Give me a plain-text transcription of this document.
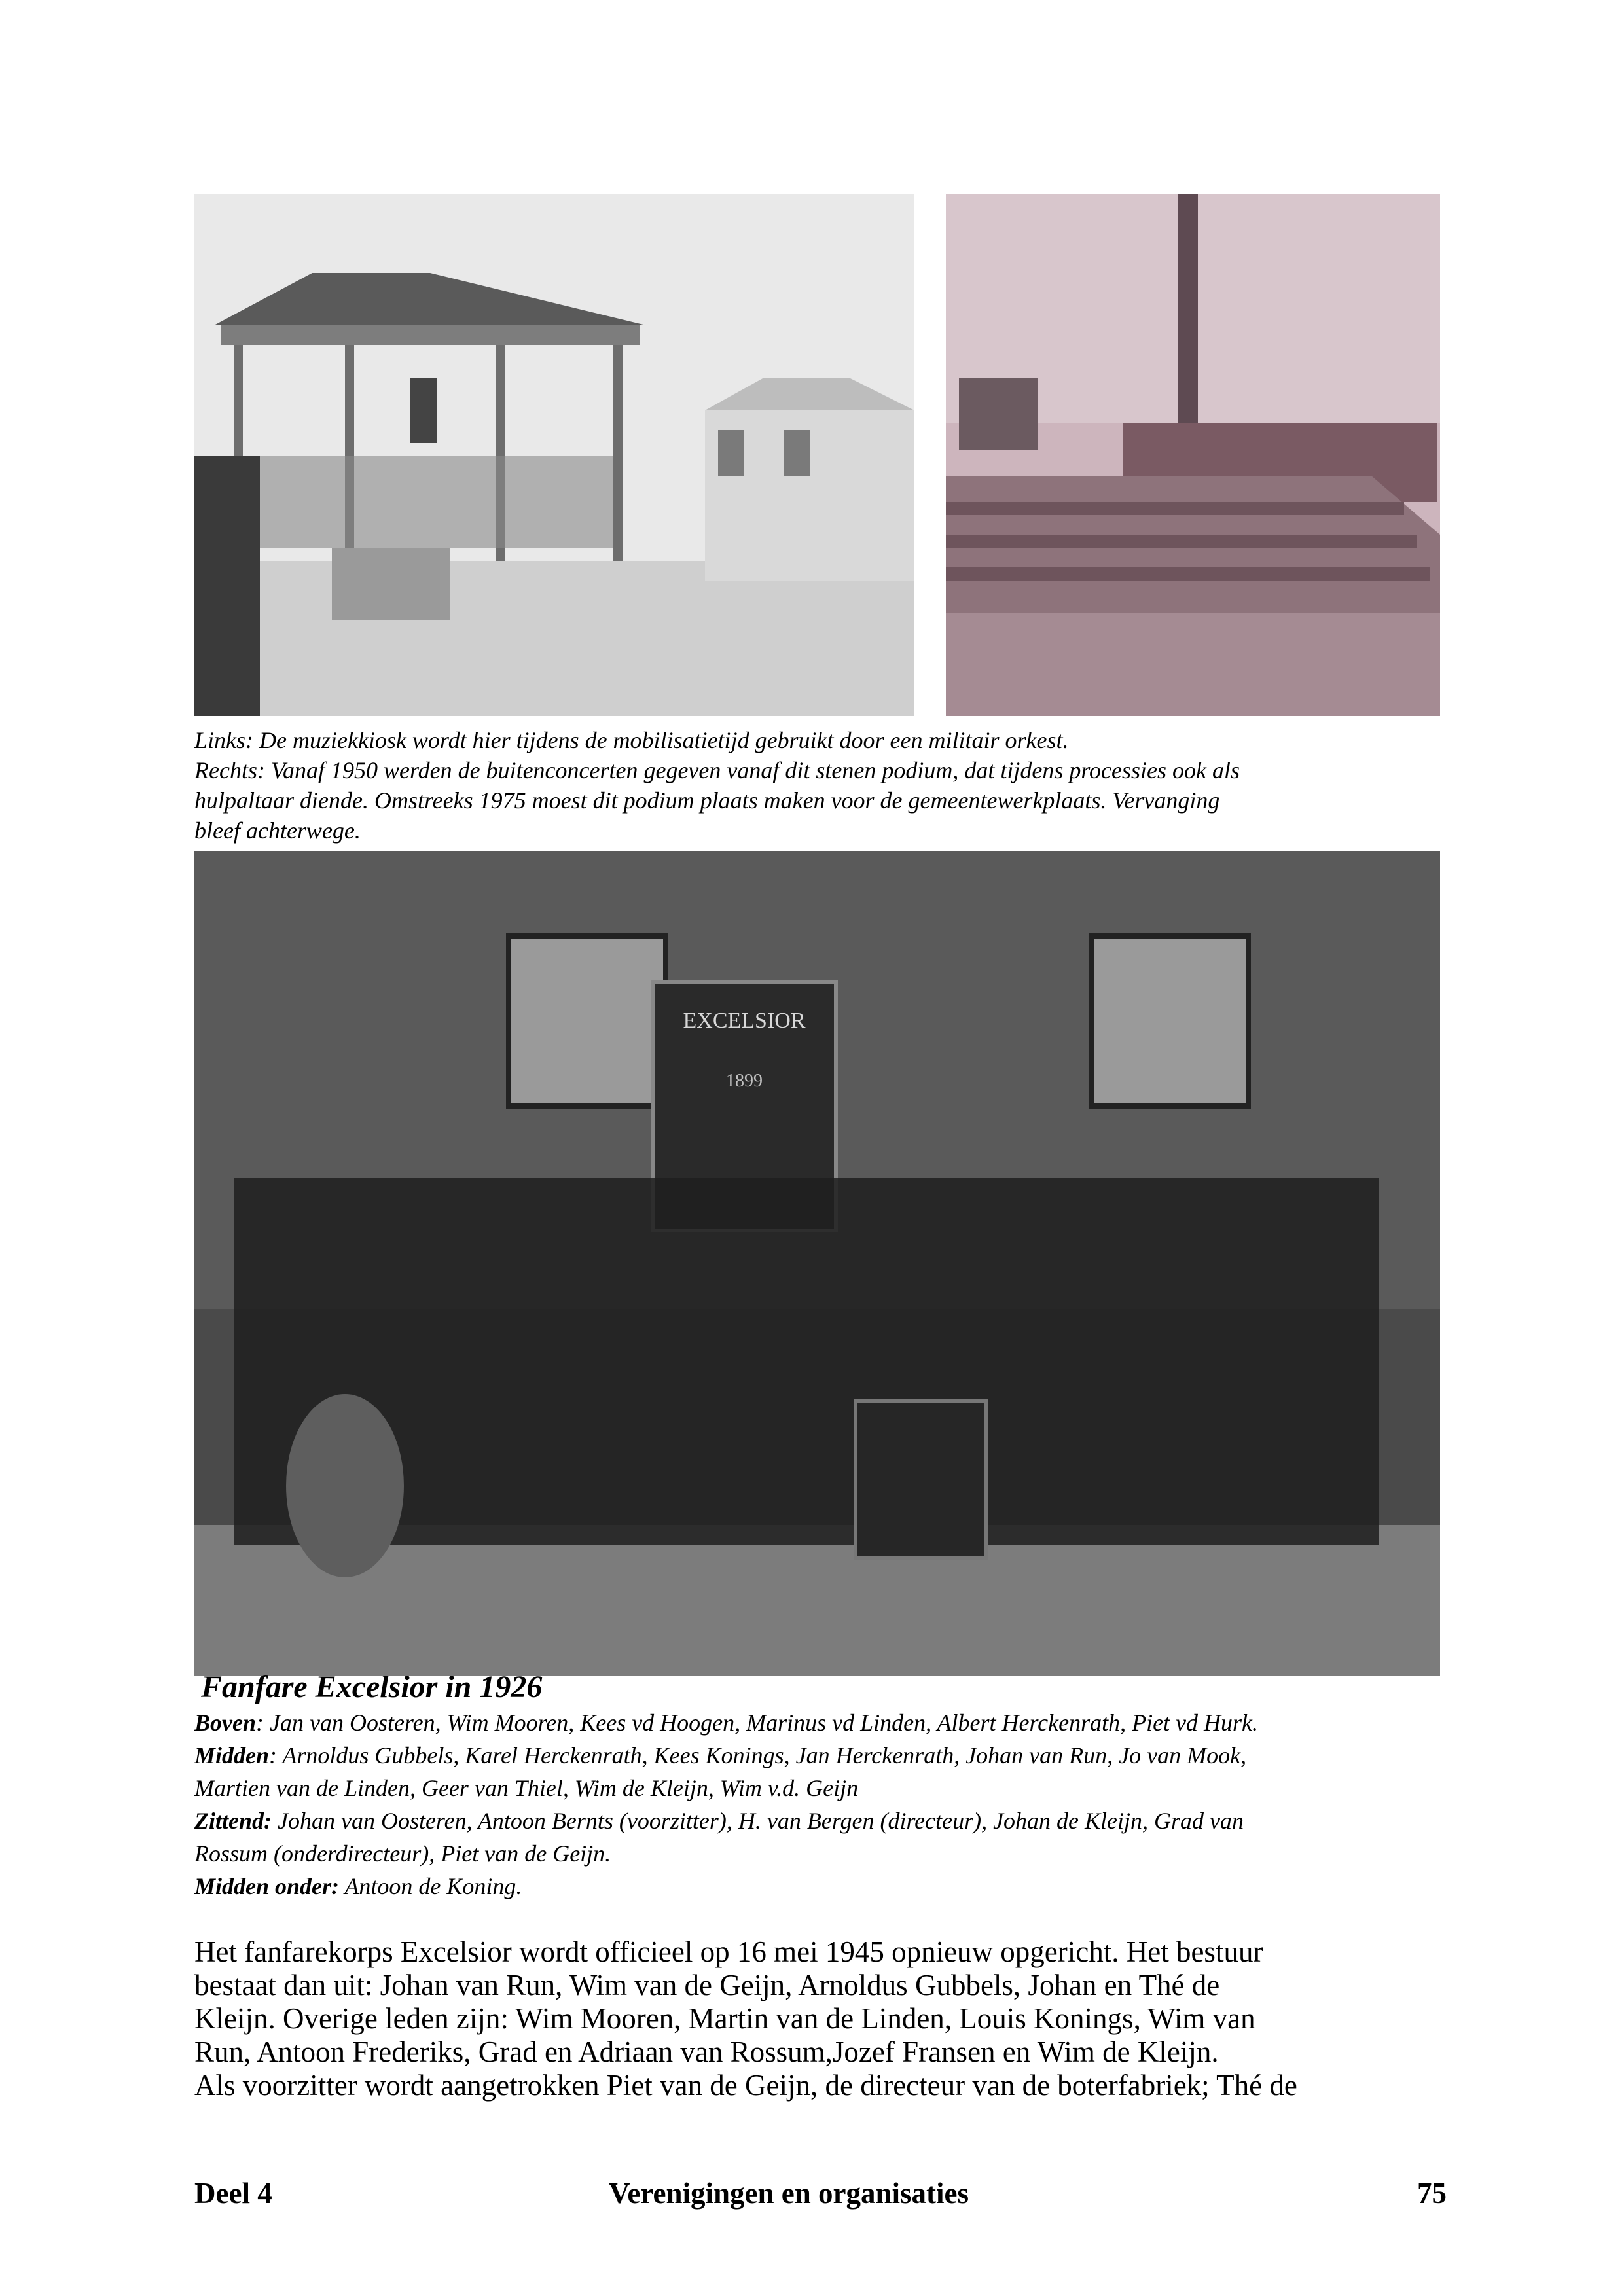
Links: De muziekkiosk wordt hier tijdens de mobilisatietijd gebruikt door een militair orkest.

Rechts: Vanaf 1950 werden de buitenconcerten gegeven vanaf dit stenen podium, dat tijdens processies ook als

hulpaltaar diende. Omstreeks 1975 moest dit podium plaats maken voor de gemeentewerkplaats. Vervanging

bleef achterwege.

EXCELSIOR
1899
Fanfare Excelsior in 1926

Boven: Jan van Oosteren, Wim Mooren, Kees vd Hoogen, Marinus vd Linden, Albert Herckenrath, Piet vd Hurk.

Midden: Arnoldus Gubbels, Karel Herckenrath, Kees Konings, Jan Herckenrath, Johan van Run, Jo van Mook,

Martien van de Linden, Geer van Thiel, Wim de Kleijn, Wim v.d. Geijn

Zittend: Johan van Oosteren, Antoon Bernts (voorzitter), H. van Bergen (directeur), Johan de Kleijn, Grad van

Rossum (onderdirecteur), Piet van de Geijn.

Midden onder: Antoon de Koning.

Het fanfarekorps Excelsior wordt officieel op 16 mei 1945 opnieuw opgericht. Het bestuur

bestaat dan uit: Johan van Run, Wim van de Geijn, Arnoldus Gubbels, Johan en Thé de

Kleijn. Overige leden zijn: Wim Mooren, Martin van de Linden, Louis Konings, Wim van

Run, Antoon Frederiks, Grad en Adriaan van Rossum,Jozef Fransen en Wim de Kleijn.

Als voorzitter wordt aangetrokken Piet van de Geijn, de directeur van de boterfabriek; Thé de

Deel 4	Verenigingen en organisaties	75
